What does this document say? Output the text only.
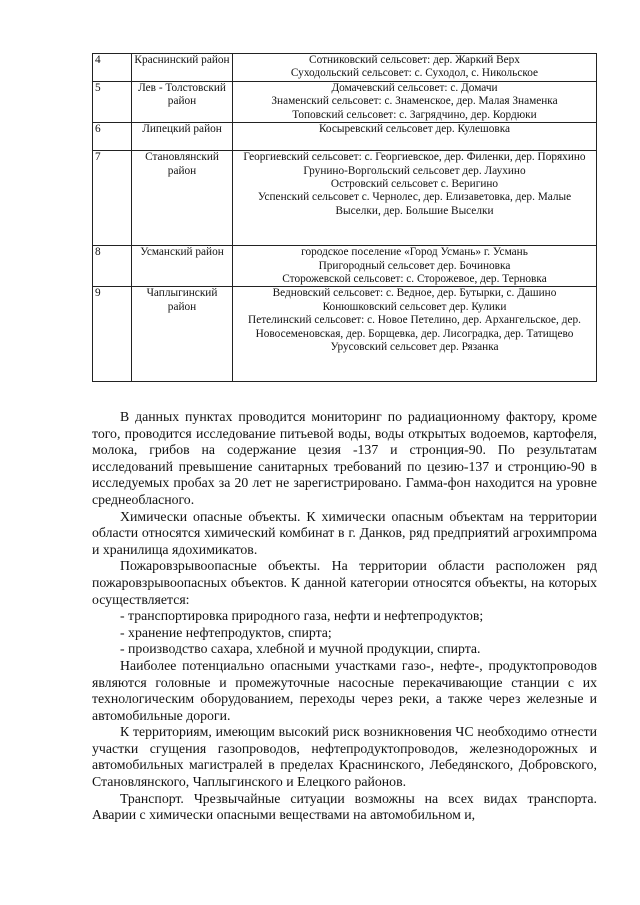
4	Краснинский район	Сотниковский сельсовет: дер. Жаркий Верх
Суходольский сельсовет: с. Суходол, с. Никольское

5	Лев - Толстовский район	Домачевский сельсовет: с. Домачи
Знаменский сельсовет: с. Знаменское, дер. Малая Знаменка
Топовский сельсовет: с. Загрядчино, дер. Кордюки

6	Липецкий район	Косыревский сельсовет дер. Кулешовка

7	Становлянский район	Георгиевский сельсовет: с. Георгиевское, дер. Филенки, дер. Поряхино
Грунино-Воргольский сельсовет дер. Лаухино
Островский сельсовет с. Веригино
Успенский сельсовет с. Чернолес, дер. Елизаветовка, дер. Малые Выселки, дер. Большие Выселки

8	Усманский район	городское поселение «Город Усмань» г. Усмань
Пригородный сельсовет дер. Бочиновка
Сторожевской сельсовет: с. Сторожевое, дер. Терновка

9	Чаплыгинский район	Ведновский сельсовет: с. Ведное, дер. Бутырки, с. Дашино
Конюшковский сельсовет дер. Кулики
Петелинский сельсовет: с. Новое Петелино, дер. Архангельское, дер. Новосеменовская, дер. Борщевка, дер. Лисоградка, дер. Татищево
Урусовский сельсовет дер. Рязанка

В данных пунктах проводится мониторинг по радиационному фактору, кроме того, проводится исследование питьевой воды, воды открытых водоемов, картофеля, молока, грибов на содержание цезия -137 и стронция-90. По результатам исследований превышение санитарных требований по цезию-137 и стронцию-90 в исследуемых пробах за 20 лет не зарегистрировано. Гамма-фон находится на уровне среднеобласного.

Химически опасные объекты. К химически опасным объектам на территории области относятся химический комбинат в г. Данков, ряд предприятий агрохимпрома и хранилища ядохимикатов.

Пожаровзрывоопасные объекты. На территории области расположен ряд пожаровзрывоопасных объектов. К данной категории относятся объекты, на которых осуществляется:

- транспортировка природного газа, нефти и нефтепродуктов;

- хранение нефтепродуктов, спирта;

- производство сахара, хлебной и мучной продукции, спирта.

Наиболее потенциально опасными участками газо-, нефте-, продуктопроводов являются головные и промежуточные насосные перекачивающие станции с их технологическим оборудованием, переходы через реки, а также через железные и автомобильные дороги.

К территориям, имеющим высокий риск возникновения ЧС необходимо отнести участки сгущения газопроводов, нефтепродуктопроводов, железнодорожных и автомобильных магистралей в пределах Краснинского, Лебедянского, Добровского, Становлянского, Чаплыгинского и Елецкого районов.

Транспорт. Чрезвычайные ситуации возможны на всех видах транспорта. Аварии с химически опасными веществами на автомобильном и,
